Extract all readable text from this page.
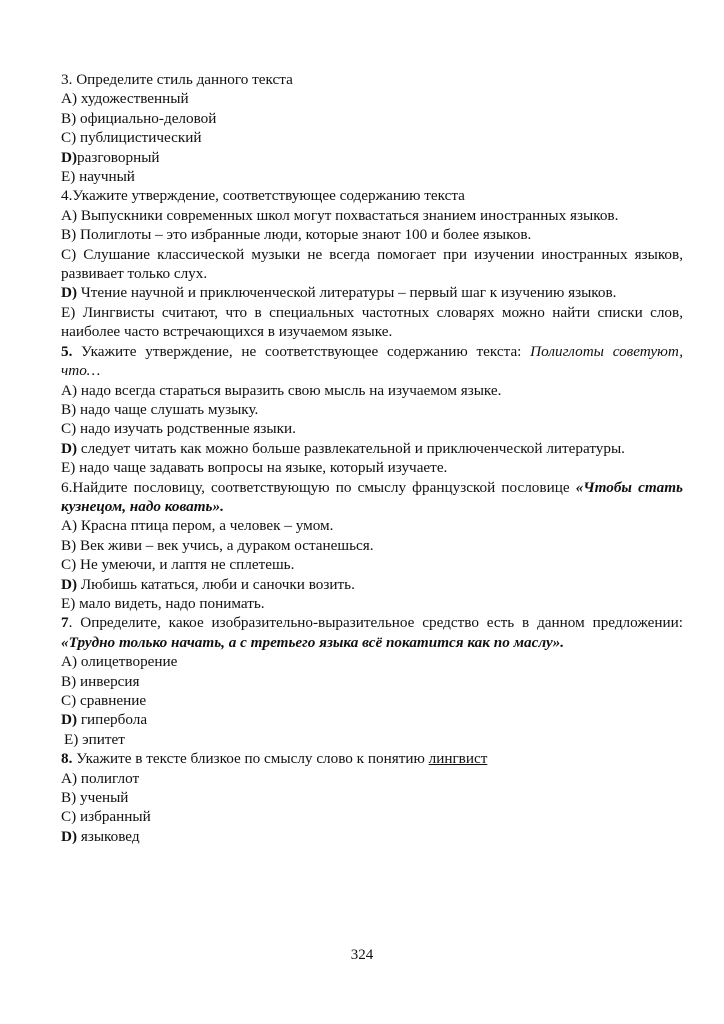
3. Определите стиль данного текста

А) художественный

В) официально-деловой

С) публицистический

D)разговорный

Е) научный

4.Укажите утверждение, соответствующее содержанию текста

А) Выпускники современных школ могут похвастаться знанием иностранных языков.

В) Полиглоты – это избранные люди, которые знают 100 и более языков.

С) Слушание классической музыки не всегда помогает при изучении иностранных языков, развивает только слух.

D) Чтение научной и приключенческой литературы – первый шаг к изучению языков.

Е) Лингвисты считают, что в специальных частотных словарях можно найти списки слов, наиболее часто встречающихся в изучаемом языке.

5. Укажите утверждение, не соответствующее содержанию текста: Полиглоты советуют, что…

А) надо всегда стараться выразить свою мысль на изучаемом языке.

В) надо чаще слушать музыку.

С) надо изучать родственные языки.

D) следует читать как можно больше развлекательной и приключенческой литературы.

Е) надо чаще задавать вопросы на языке, который изучаете.

6.Найдите пословицу, соответствующую по смыслу французской пословице «Чтобы стать кузнецом, надо ковать».

А) Красна птица пером, а человек – умом.

В) Век живи – век учись, а дураком останешься.

С) Не умеючи, и лаптя не сплетешь.

D) Любишь кататься, люби и саночки возить.

Е) мало видеть, надо понимать.

7. Определите, какое изобразительно-выразительное средство есть в данном предложении: «Трудно только начать, а с третьего языка всё покатится как по маслу».

А) олицетворение

В) инверсия

С) сравнение

D) гипербола

Е) эпитет

8. Укажите в тексте близкое по смыслу слово к понятию лингвист

А) полиглот

В) ученый

С) избранный

D) языковед

324
